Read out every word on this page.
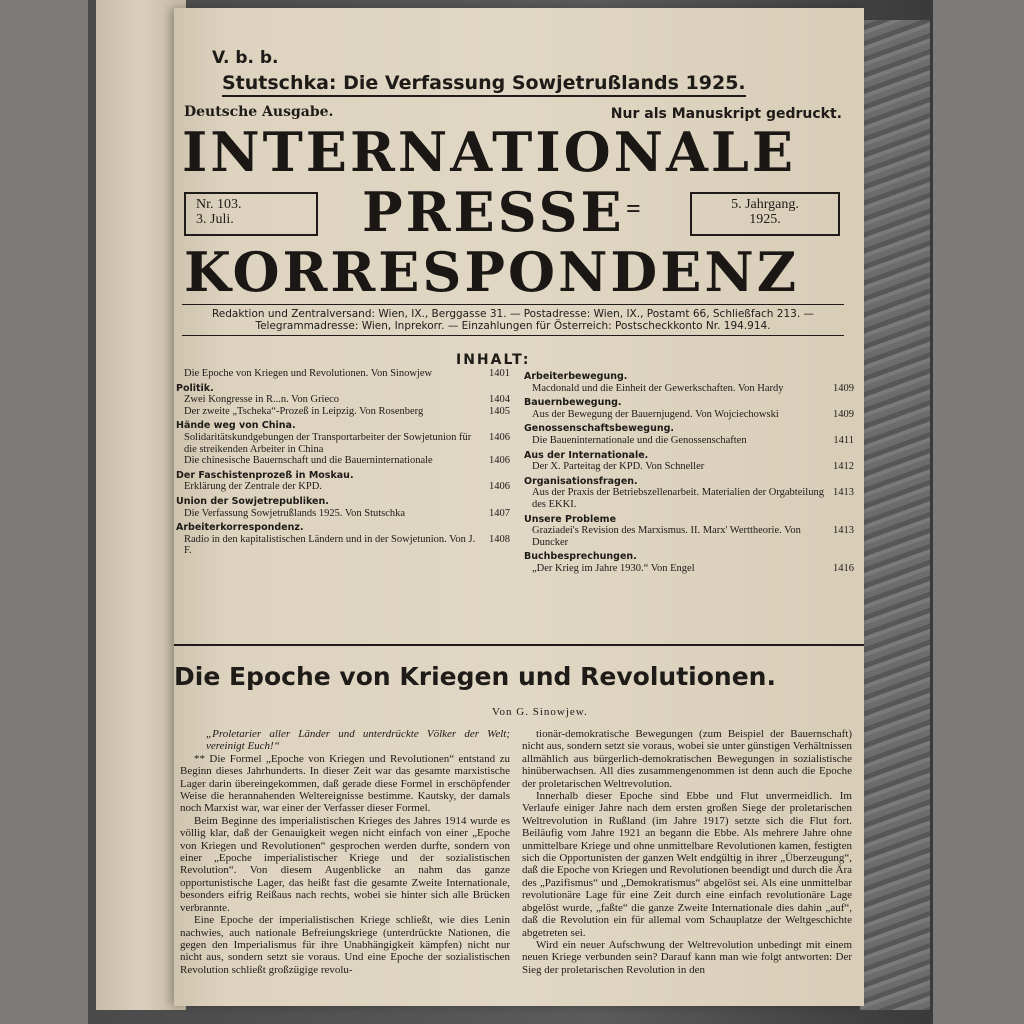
V. b. b.
Stutschka: Die Verfassung Sowjetrußlands 1925.
Deutsche Ausgabe.	Nur als Manuskript gedruckt.
INTERNATIONALE
Nr. 103.
3. Juli.	PRESSE =	5. Jahrgang.
1925.
KORRESPONDENZ
Redaktion und Zentralversand: Wien, IX., Berggasse 31. — Postadresse: Wien, IX., Postamt 66, Schließfach 213. —
Telegrammadresse: Wien, Inprekorr. — Einzahlungen für Österreich: Postscheckkonto Nr. 194.914.
INHALT:
Die Epoche von Kriegen und Revolutionen. Von Sinowjew	1401
Politik.
Zwei Kongresse in R...n. Von Grieco	1404
Der zweite „Tscheka“-Prozeß in Leipzig. Von Rosenberg	1405
Hände weg von China.
Solidaritätskundgebungen der Transportarbeiter der Sowjetunion für die streikenden Arbeiter in China
1406
Die chinesische Bauernschaft und die Bauerninternationale	1406
Der Faschistenprozeß in Moskau.
Erklärung der Zentrale der KPD.	1406
Union der Sowjetrepubliken.
Die Verfassung Sowjetrußlands 1925. Von Stutschka	1407
Arbeiterkorrespondenz.
Radio in den kapitalistischen Ländern und in der Sowjetunion. Von J. F.
1408
Arbeiterbewegung.
Macdonald und die Einheit der Gewerkschaften. Von Hardy	1409
Bauernbewegung.
Aus der Bewegung der Bauernjugend. Von Wojciechowski	1409
Genossenschaftsbewegung.
Die Baueninternationale und die Genossenschaften	1411
Aus der Internationale.
Der X. Parteitag der KPD. Von Schneller	1412
Organisationsfragen.
Aus der Praxis der Betriebszellenarbeit. Materialien der Orgabteilung des EKKI.
1413
Unsere Probleme
Graziadei's Revision des Marxismus. II. Marx' Werttheorie. Von Duncker
1413
Buchbesprechungen.
„Der Krieg im Jahre 1930.“ Von Engel	1416
Die Epoche von Kriegen und Revolutionen.
Von G. Sinowjew.

„Proletarier aller Länder und unterdrückte Völker der Welt; vereinigt Euch!“

** Die Formel „Epoche von Kriegen und Revolutionen“ entstand zu Beginn dieses Jahrhunderts. In dieser Zeit war das gesamte marxistische Lager darin übereingekommen, daß gerade diese Formel in erschöpfender Weise die herannahenden Weltereignisse bestimme. Kautsky, der damals noch Marxist war, war einer der Verfasser dieser Formel.

Beim Beginne des imperialistischen Krieges des Jahres 1914 wurde es völlig klar, daß der Genauigkeit wegen nicht einfach von einer „Epoche von Kriegen und Revolutionen“ gesprochen werden durfte, sondern von einer „Epoche imperialistischer Kriege und der sozialistischen Revolution“. Von diesem Augenblicke an nahm das ganze opportunistische Lager, das heißt fast die gesamte Zweite Internationale, besonders eifrig Reißaus nach rechts, wobei sie hinter sich alle Brücken verbrannte.

Eine Epoche der imperialistischen Kriege schließt, wie dies Lenin nachwies, auch nationale Befreiungskriege (unterdrückte Nationen, die gegen den Imperialismus für ihre Unabhängigkeit kämpfen) nicht nur nicht aus, sondern setzt sie voraus. Und eine Epoche der sozialistischen Revolution schließt großzügige revolu-

tionär-demokratische Bewegungen (zum Beispiel der Bauernschaft) nicht aus, sondern setzt sie voraus, wobei sie unter günstigen Verhältnissen allmählich aus bürgerlich-demokratischen Bewegungen in sozialistische hinüberwachsen. All dies zusammengenommen ist denn auch die Epoche der proletarischen Weltrevolution.

Innerhalb dieser Epoche sind Ebbe und Flut unvermeidlich. Im Verlaufe einiger Jahre nach dem ersten großen Siege der proletarischen Weltrevolution in Rußland (im Jahre 1917) setzte sich die Flut fort. Beiläufig vom Jahre 1921 an begann die Ebbe. Als mehrere Jahre ohne unmittelbare Kriege und ohne unmittelbare Revolutionen kamen, festigten sich die Opportunisten der ganzen Welt endgültig in ihrer „Überzeugung“, daß die Epoche von Kriegen und Revolutionen beendigt und durch die Ära des „Pazifismus“ und „Demokratismus“ abgelöst sei. Als eine unmittelbar revolutionäre Lage für eine Zeit durch eine einfach revolutionäre Lage abgelöst wurde, „faßte“ die ganze Zweite Internationale dies dahin „auf“, daß die Revolution ein für allemal vom Schauplatze der Weltgeschichte abgetreten sei.

Wird ein neuer Aufschwung der Weltrevolution unbedingt mit einem neuen Kriege verbunden sein? Darauf kann man wie folgt antworten: Der Sieg der proletarischen Revolution in den
